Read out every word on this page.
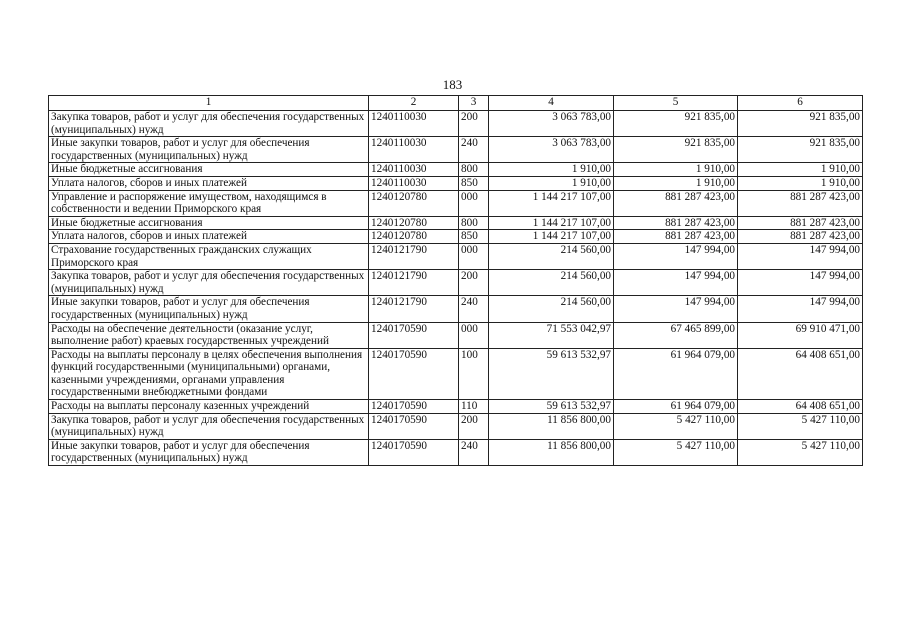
183
1	2	3	4	5	6
Закупка товаров, работ и услуг для обеспечения государственных (муниципальных) нужд	1240110030	200	3 063 783,00	921 835,00	921 835,00
Иные закупки товаров, работ и услуг для обеспечения государственных (муниципальных) нужд	1240110030	240	3 063 783,00	921 835,00	921 835,00
Иные бюджетные ассигнования	1240110030	800	1 910,00	1 910,00	1 910,00
Уплата налогов, сборов и иных платежей	1240110030	850	1 910,00	1 910,00	1 910,00
Управление и распоряжение имуществом, находящимся в собственности и ведении Приморского края	1240120780	000	1 144 217 107,00	881 287 423,00	881 287 423,00
Иные бюджетные ассигнования	1240120780	800	1 144 217 107,00	881 287 423,00	881 287 423,00
Уплата налогов, сборов и иных платежей	1240120780	850	1 144 217 107,00	881 287 423,00	881 287 423,00
Страхование государственных гражданских служащих Приморского края	1240121790	000	214 560,00	147 994,00	147 994,00
Закупка товаров, работ и услуг для обеспечения государственных (муниципальных) нужд	1240121790	200	214 560,00	147 994,00	147 994,00
Иные закупки товаров, работ и услуг для обеспечения государственных (муниципальных) нужд	1240121790	240	214 560,00	147 994,00	147 994,00
Расходы на обеспечение деятельности (оказание услуг, выполнение работ) краевых государственных учреждений	1240170590	000	71 553 042,97	67 465 899,00	69 910 471,00
Расходы на выплаты персоналу в целях обеспечения выполнения функций государственными (муниципальными) органами, казенными учреждениями, органами управления государственными внебюджетными фондами	1240170590	100	59 613 532,97	61 964 079,00	64 408 651,00
Расходы на выплаты персоналу казенных учреждений	1240170590	110	59 613 532,97	61 964 079,00	64 408 651,00
Закупка товаров, работ и услуг для обеспечения государственных (муниципальных) нужд	1240170590	200	11 856 800,00	5 427 110,00	5 427 110,00
Иные закупки товаров, работ и услуг для обеспечения государственных (муниципальных) нужд	1240170590	240	11 856 800,00	5 427 110,00	5 427 110,00
